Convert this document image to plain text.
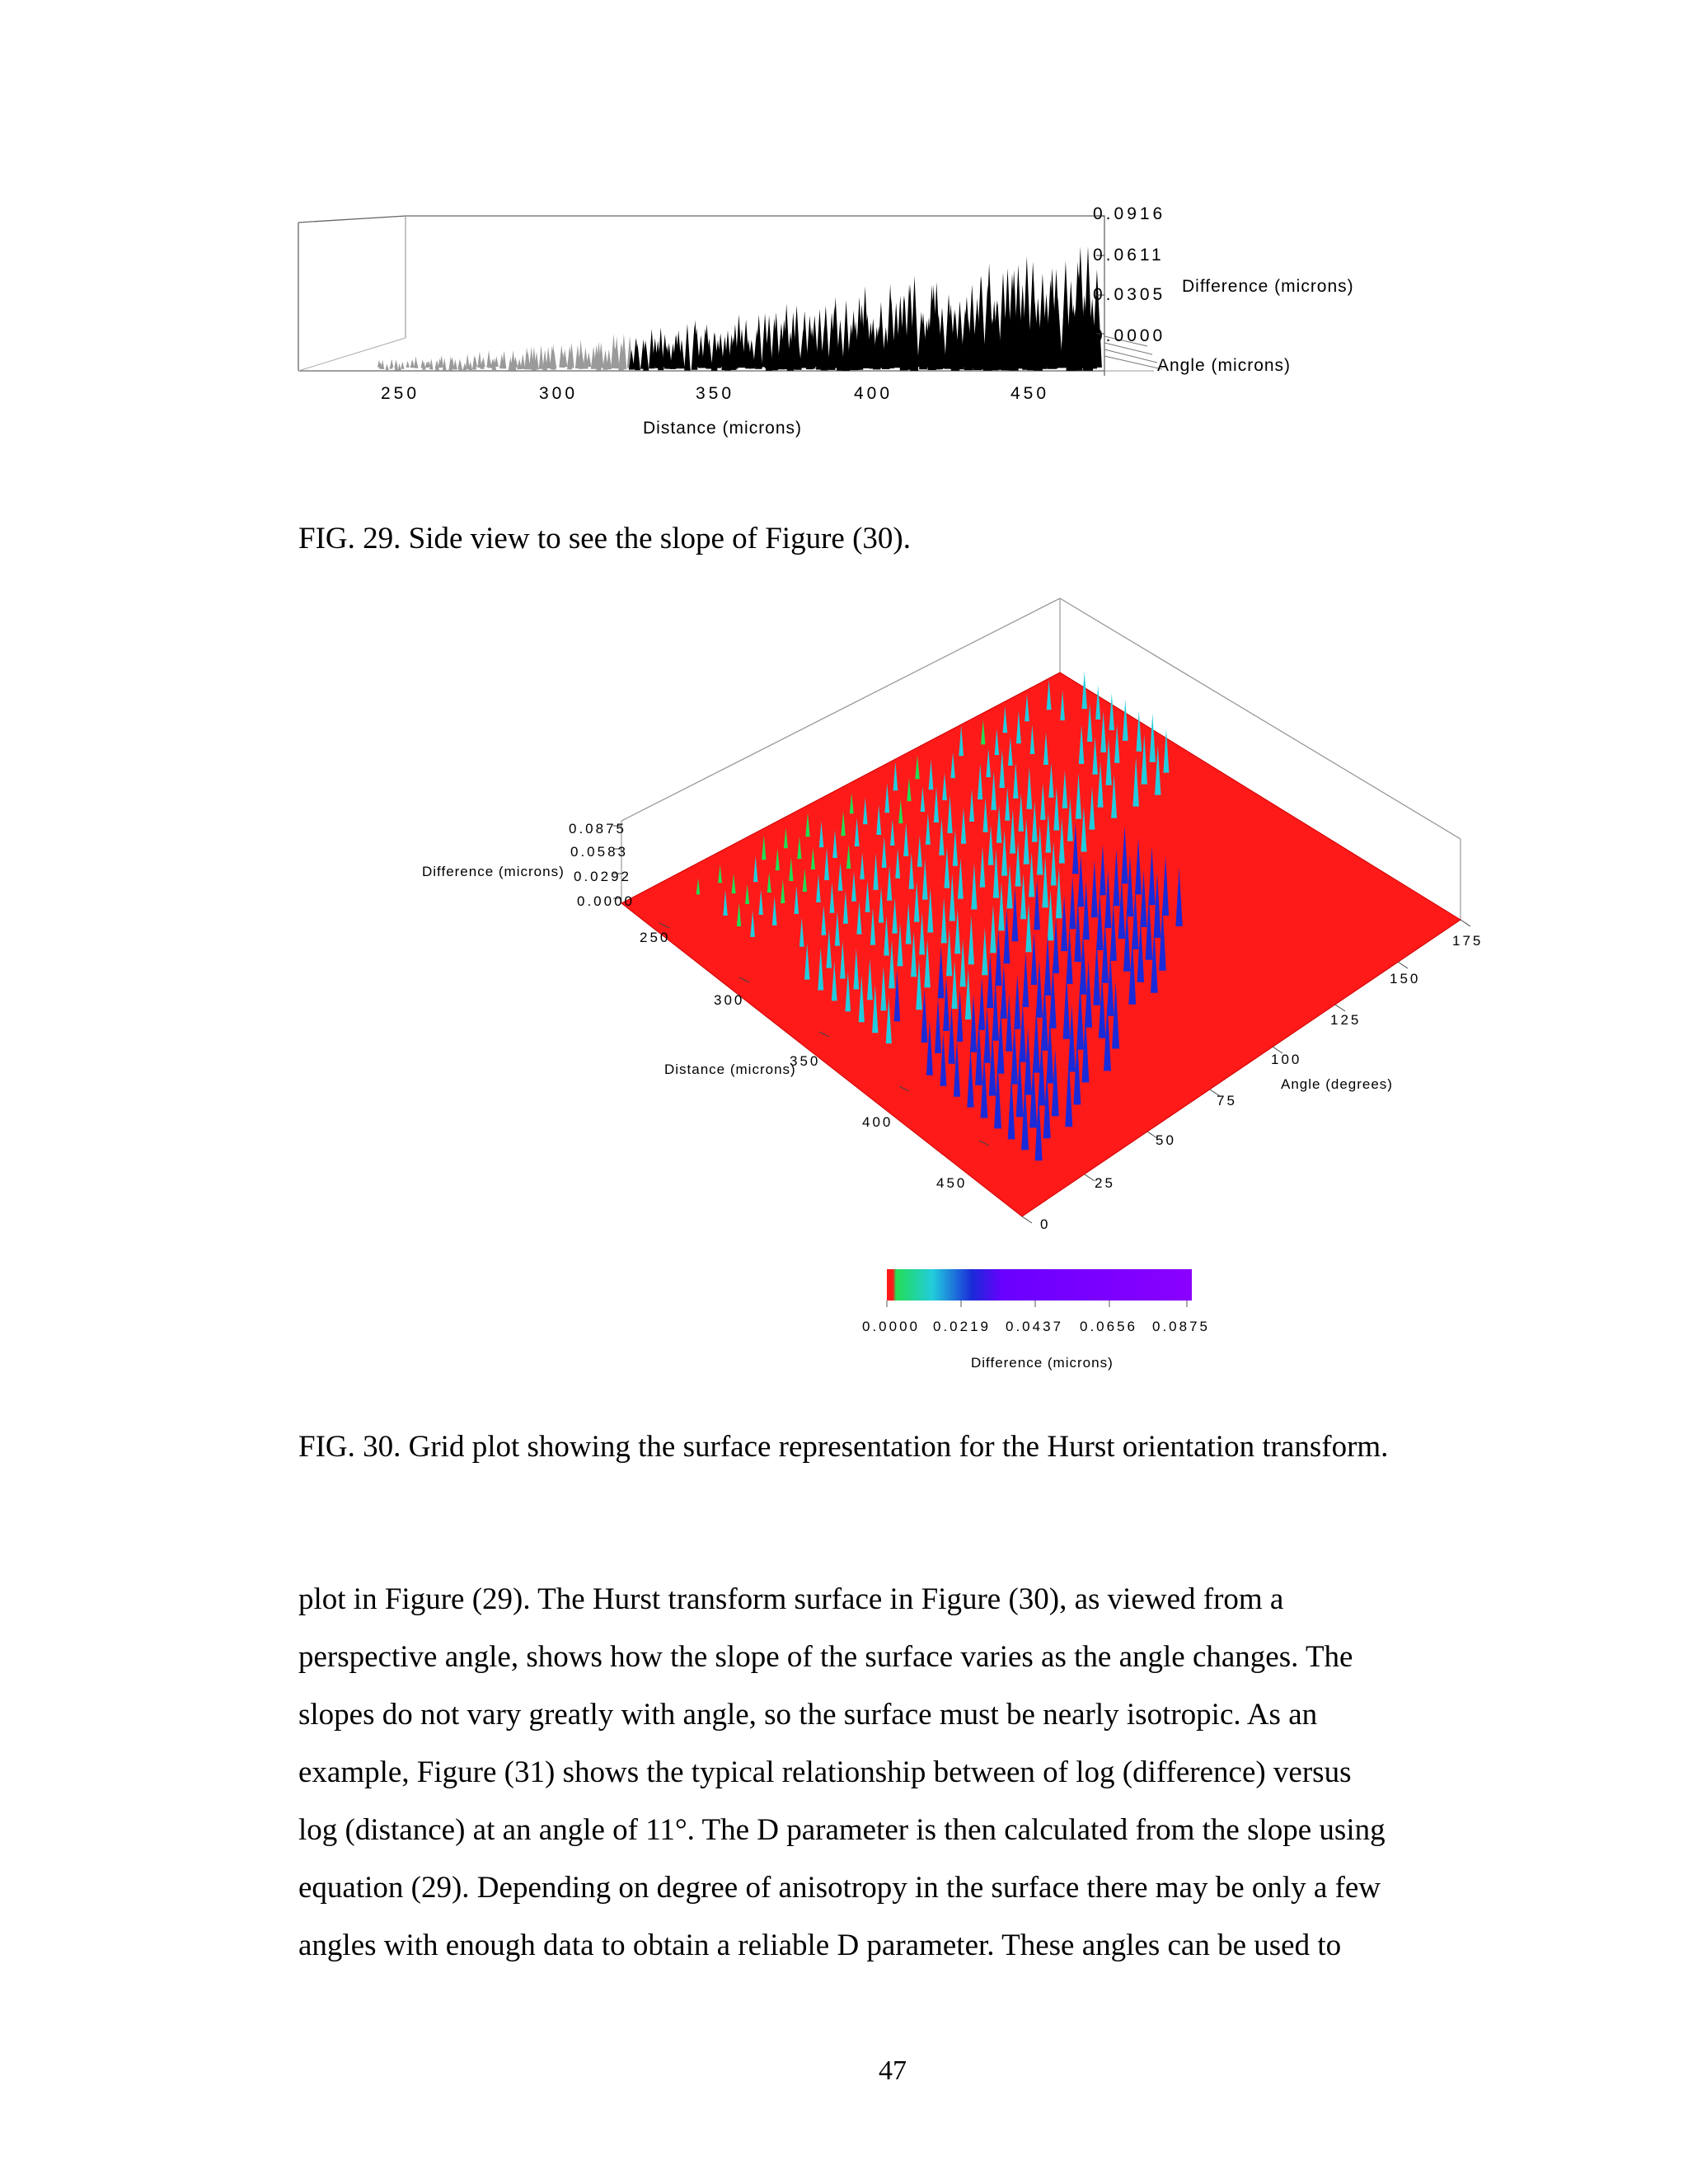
0.0916
0.0611
0.0305
0.0000
Difference (microns)
Angle (microns)
250	300	350	400	450
Distance (microns)
FIG. 29. Side view to see the slope of Figure (30).
0.0875
0.0583
0.0292
0.0000
Difference (microns)
250
300
350
400
450
Distance (microns)
0
25
50
75
100
125
150
175
Angle (degrees)
0.0000 0.0219 0.0437 0.0656 0.0875
Difference (microns)
FIG. 30. Grid plot showing the surface representation for the Hurst orientation transform.

plot in Figure (29). The Hurst transform surface in Figure (30), as viewed from a

perspective angle, shows how the slope of the surface varies as the angle changes. The

slopes do not vary greatly with angle, so the surface must be nearly isotropic. As an

example, Figure (31) shows the typical relationship between of log (difference) versus

log (distance) at an angle of 11°. The D parameter is then calculated from the slope using

equation (29). Depending on degree of anisotropy in the surface there may be only a few

angles with enough data to obtain a reliable D parameter. These angles can be used to

47
